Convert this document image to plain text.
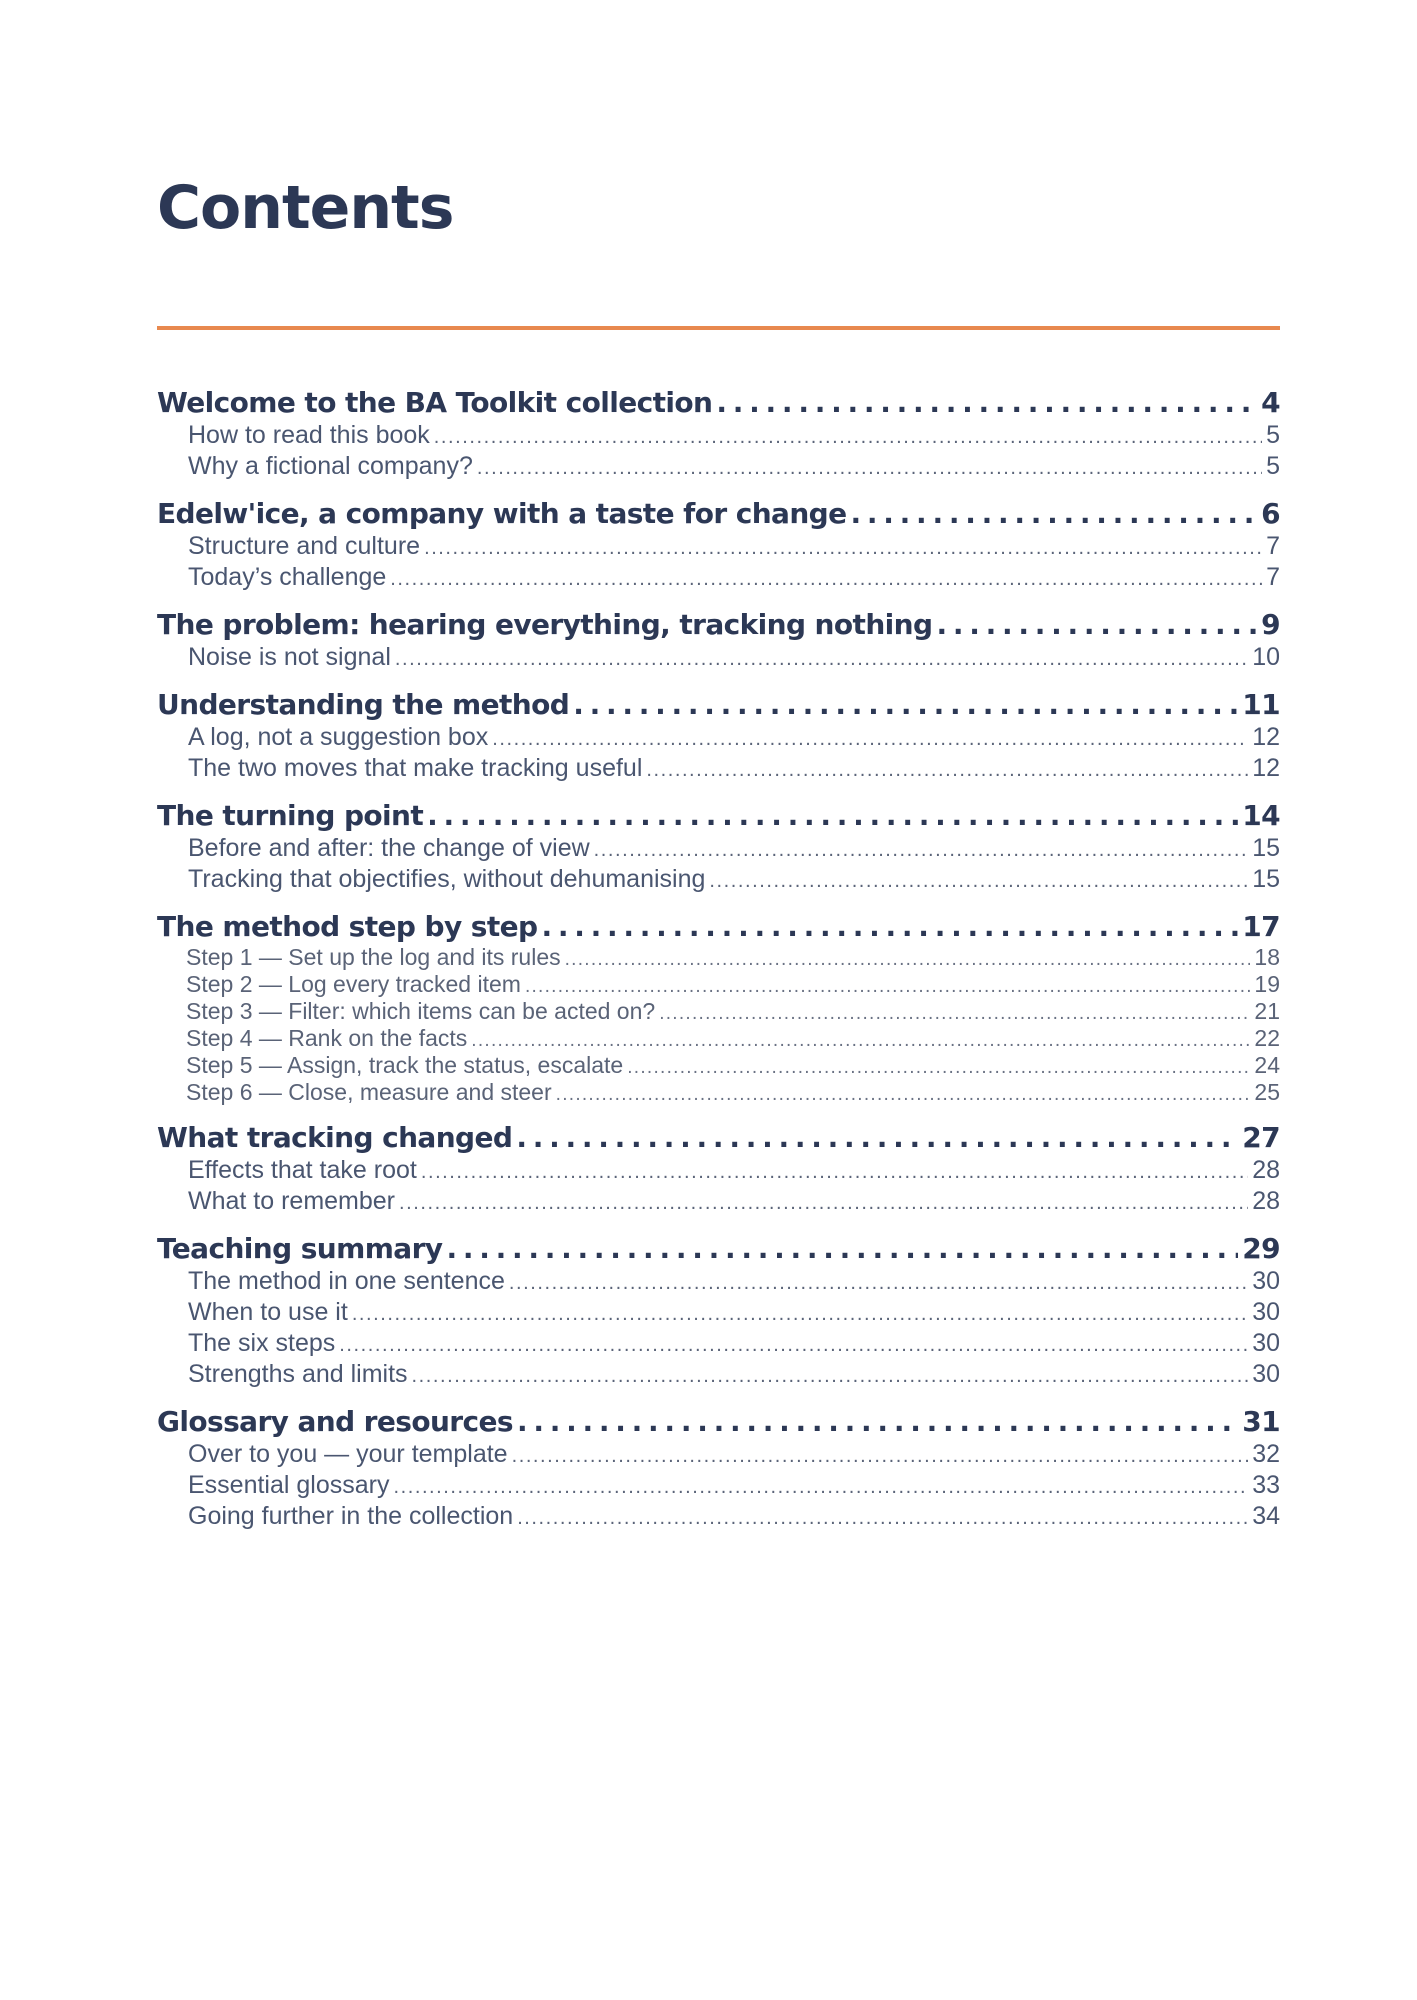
Contents
Welcome to the BA Toolkit collection . . .	4
How to read this book . . .	5
Why a fictional company? . . .	5
Edelw'ice, a company with a taste for change . . .	6
Structure and culture . . .	7
Today’s challenge . . .	7
The problem: hearing everything, tracking nothing . . .	9
Noise is not signal . . .	10
Understanding the method . . .	11
A log, not a suggestion box . . .	12
The two moves that make tracking useful . . .	12
The turning point . . .	14
Before and after: the change of view . . .	15
Tracking that objectifies, without dehumanising . . .	15
The method step by step . . .	17
Step 1 — Set up the log and its rules . . .	18
Step 2 — Log every tracked item . . .	19
Step 3 — Filter: which items can be acted on? . . .	21
Step 4 — Rank on the facts . . .	22
Step 5 — Assign, track the status, escalate . . .	24
Step 6 — Close, measure and steer . . .	25
What tracking changed . . .	27
Effects that take root . . .	28
What to remember . . .	28
Teaching summary . . .	29
The method in one sentence . . .	30
When to use it . . .	30
The six steps . . .	30
Strengths and limits . . .	30
Glossary and resources . . .	31
Over to you — your template . . .	32
Essential glossary . . .	33
Going further in the collection . . .	34
